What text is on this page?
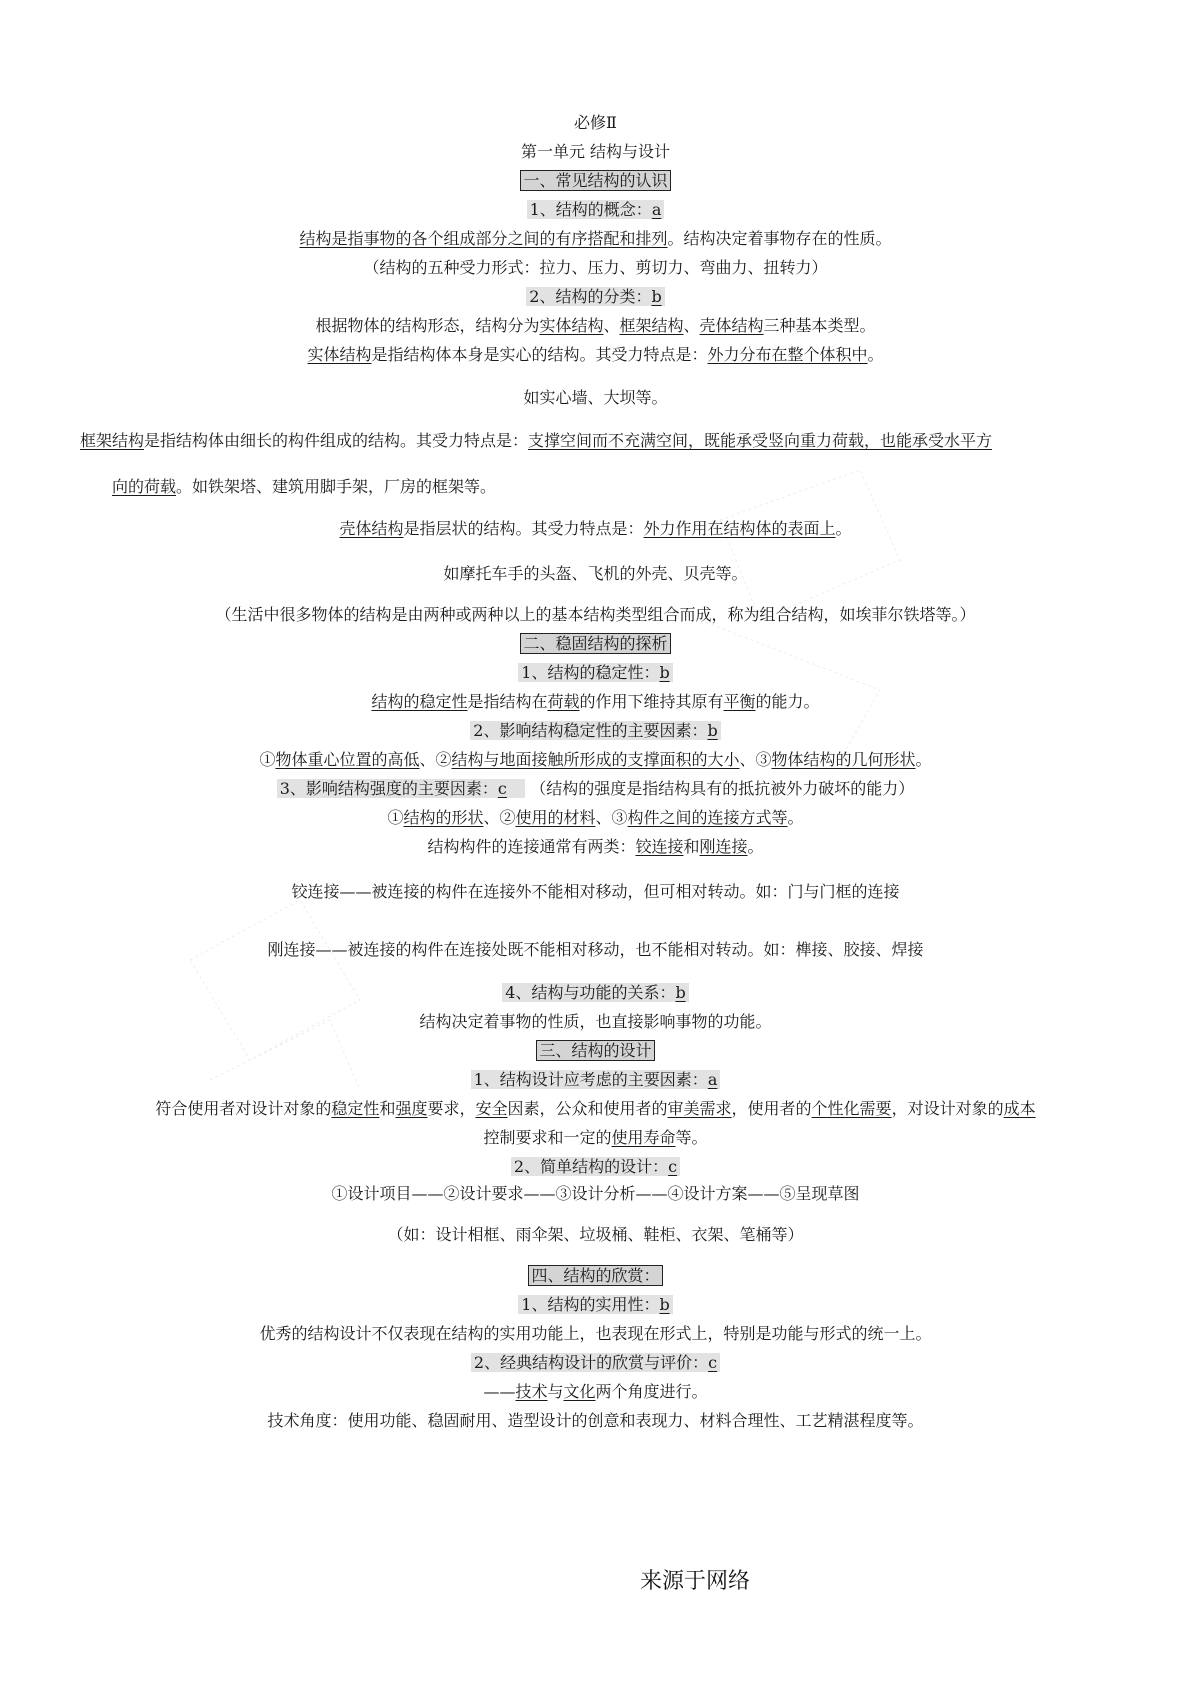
必修Ⅱ
第一单元 结构与设计
一、常见结构的认识
1、结构的概念：a
结构是指事物的各个组成部分之间的有序搭配和排列。结构决定着事物存在的性质。
（结构的五种受力形式：拉力、压力、剪切力、弯曲力、扭转力）
2、结构的分类：b
根据物体的结构形态，结构分为实体结构、框架结构、壳体结构三种基本类型。
实体结构是指结构体本身是实心的结构。其受力特点是：外力分布在整个体积中。
如实心墙、大坝等。
框架结构是指结构体由细长的构件组成的结构。其受力特点是：支撑空间而不充满空间，既能承受竖向重力荷载，也能承受水平方
向的荷载。如铁架塔、建筑用脚手架，厂房的框架等。
壳体结构是指层状的结构。其受力特点是：外力作用在结构体的表面上。
如摩托车手的头盔、飞机的外壳、贝壳等。
（生活中很多物体的结构是由两种或两种以上的基本结构类型组合而成，称为组合结构，如埃菲尔铁塔等。）
二、稳固结构的探析
1、结构的稳定性：b
结构的稳定性是指结构在荷载的作用下维持其原有平衡的能力。
2、影响结构稳定性的主要因素：b
①物体重心位置的高低、②结构与地面接触所形成的支撑面积的大小、③物体结构的几何形状。
3、影响结构强度的主要因素：c （结构的强度是指结构具有的抵抗被外力破坏的能力）
①结构的形状、②使用的材料、③构件之间的连接方式等。
结构构件的连接通常有两类：铰连接和刚连接。
铰连接——被连接的构件在连接外不能相对移动，但可相对转动。如：门与门框的连接
刚连接——被连接的构件在连接处既不能相对移动，也不能相对转动。如：榫接、胶接、焊接
4、结构与功能的关系：b
结构决定着事物的性质，也直接影响事物的功能。
三、结构的设计
1、结构设计应考虑的主要因素：a
符合使用者对设计对象的稳定性和强度要求，安全因素，公众和使用者的审美需求，使用者的个性化需要，对设计对象的成本
控制要求和一定的使用寿命等。
2、简单结构的设计：c
①设计项目——②设计要求——③设计分析——④设计方案——⑤呈现草图
（如：设计相框、雨伞架、垃圾桶、鞋柜、衣架、笔桶等）
四、结构的欣赏：
1、结构的实用性：b
优秀的结构设计不仅表现在结构的实用功能上，也表现在形式上，特别是功能与形式的统一上。
2、经典结构设计的欣赏与评价：c
——技术与文化两个角度进行。
技术角度：使用功能、稳固耐用、造型设计的创意和表现力、材料合理性、工艺精湛程度等。
来源于网络
